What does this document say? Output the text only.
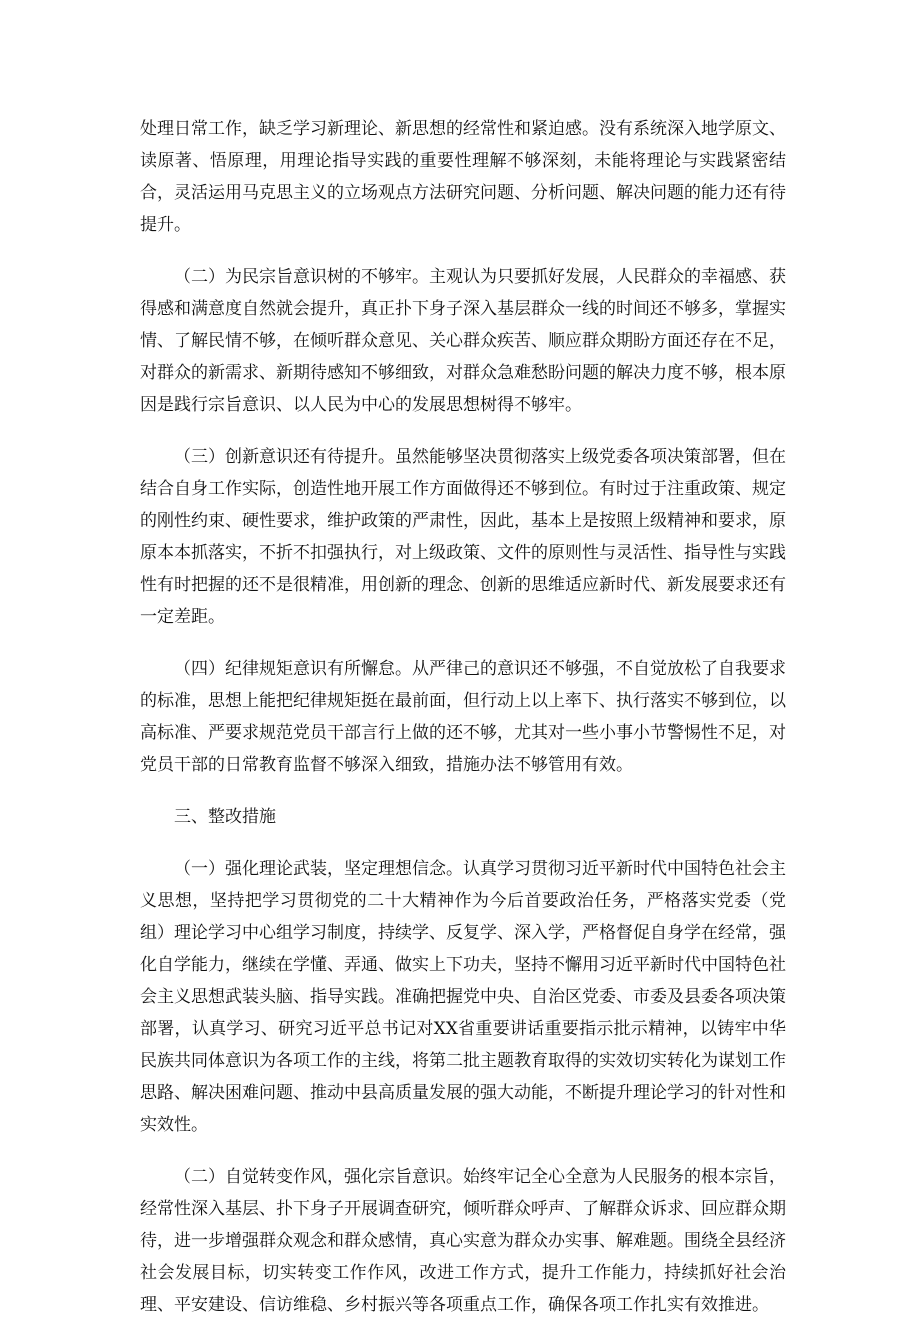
处理日常工作，缺乏学习新理论、新思想的经常性和紧迫感。没有系统深入地学原文、读原著、悟原理，用理论指导实践的重要性理解不够深刻，未能将理论与实践紧密结合，灵活运用马克思主义的立场观点方法研究问题、分析问题、解决问题的能力还有待提升。

（二）为民宗旨意识树的不够牢。主观认为只要抓好发展，人民群众的幸福感、获得感和满意度自然就会提升，真正扑下身子深入基层群众一线的时间还不够多，掌握实情、了解民情不够，在倾听群众意见、关心群众疾苦、顺应群众期盼方面还存在不足，对群众的新需求、新期待感知不够细致，对群众急难愁盼问题的解决力度不够，根本原因是践行宗旨意识、以人民为中心的发展思想树得不够牢。

（三）创新意识还有待提升。虽然能够坚决贯彻落实上级党委各项决策部署，但在结合自身工作实际，创造性地开展工作方面做得还不够到位。有时过于注重政策、规定的刚性约束、硬性要求，维护政策的严肃性，因此，基本上是按照上级精神和要求，原原本本抓落实，不折不扣强执行，对上级政策、文件的原则性与灵活性、指导性与实践性有时把握的还不是很精准，用创新的理念、创新的思维适应新时代、新发展要求还有一定差距。

（四）纪律规矩意识有所懈怠。从严律己的意识还不够强，不自觉放松了自我要求的标准，思想上能把纪律规矩挺在最前面，但行动上以上率下、执行落实不够到位，以高标准、严要求规范党员干部言行上做的还不够，尤其对一些小事小节警惕性不足，对党员干部的日常教育监督不够深入细致，措施办法不够管用有效。

三、整改措施

（一）强化理论武装，坚定理想信念。认真学习贯彻习近平新时代中国特色社会主义思想，坚持把学习贯彻党的二十大精神作为今后首要政治任务，严格落实党委（党组）理论学习中心组学习制度，持续学、反复学、深入学，严格督促自身学在经常，强化自学能力，继续在学懂、弄通、做实上下功夫，坚持不懈用习近平新时代中国特色社会主义思想武装头脑、指导实践。准确把握党中央、自治区党委、市委及县委各项决策部署，认真学习、研究习近平总书记对XX省重要讲话重要指示批示精神，以铸牢中华民族共同体意识为各项工作的主线，将第二批主题教育取得的实效切实转化为谋划工作思路、解决困难问题、推动中县高质量发展的强大动能，不断提升理论学习的针对性和实效性。

（二）自觉转变作风，强化宗旨意识。始终牢记全心全意为人民服务的根本宗旨，经常性深入基层、扑下身子开展调查研究，倾听群众呼声、了解群众诉求、回应群众期待，进一步增强群众观念和群众感情，真心实意为群众办实事、解难题。围绕全县经济社会发展目标，切实转变工作作风，改进工作方式，提升工作能力，持续抓好社会治理、平安建设、信访维稳、乡村振兴等各项重点工作，确保各项工作扎实有效推进。
